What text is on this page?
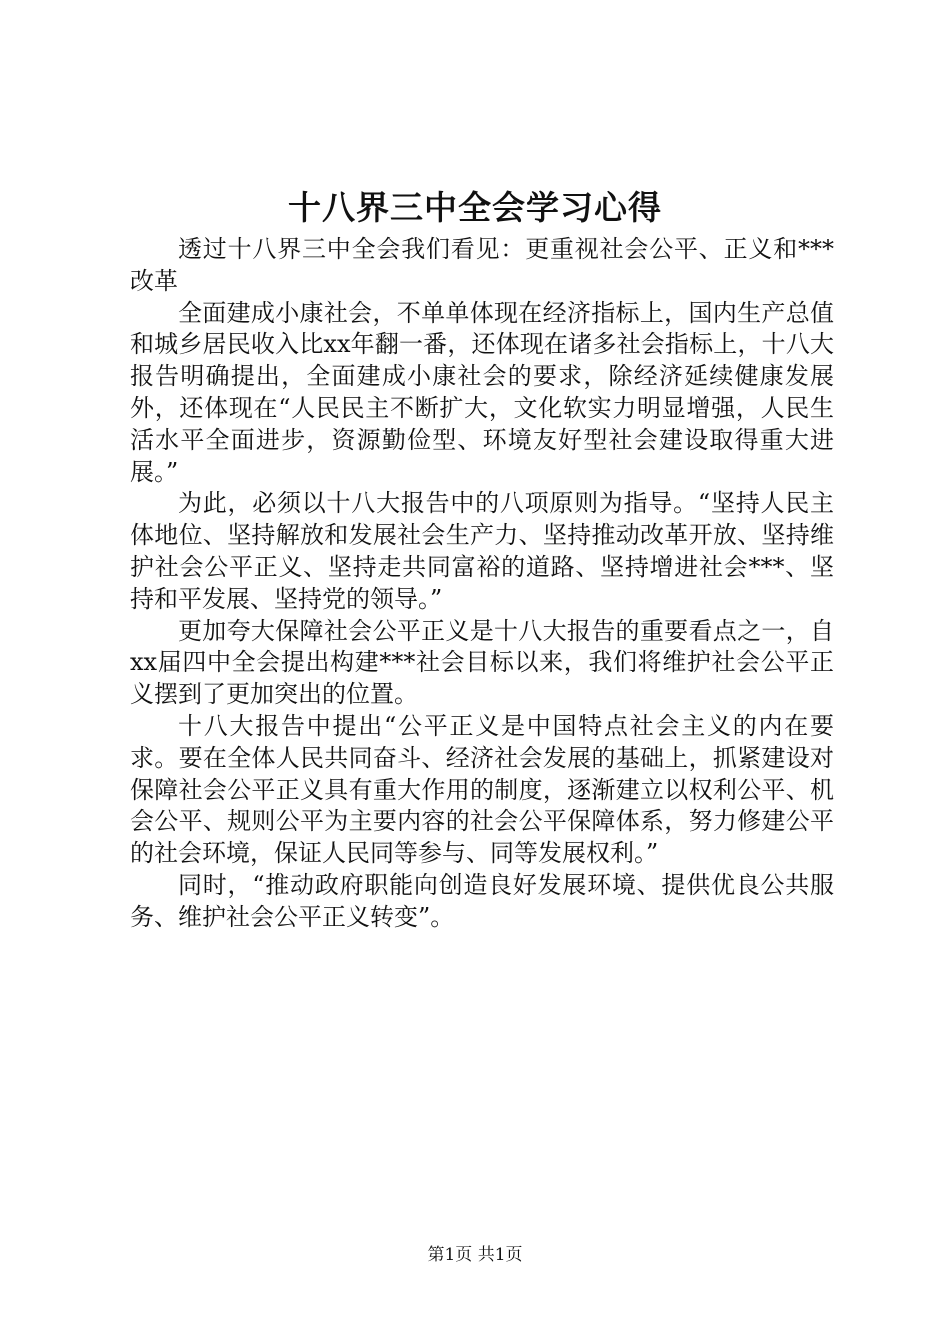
十八界三中全会学习心得

透过十八界三中全会我们看见：更重视社会公平、正义和***改革

全面建成小康社会，不单单体现在经济指标上，国内生产总值和城乡居民收入比xx年翻一番，还体现在诸多社会指标上，十八大报告明确提出，全面建成小康社会的要求，除经济延续健康发展外，还体现在“人民民主不断扩大，文化软实力明显增强，人民生活水平全面进步，资源勤俭型、环境友好型社会建设取得重大进展。”

为此，必须以十八大报告中的八项原则为指导。“坚持人民主体地位、坚持解放和发展社会生产力、坚持推动改革开放、坚持维护社会公平正义、坚持走共同富裕的道路、坚持增进社会***、坚持和平发展、坚持党的领导。”

更加夸大保障社会公平正义是十八大报告的重要看点之一，自xx届四中全会提出构建***社会目标以来，我们将维护社会公平正义摆到了更加突出的位置。

十八大报告中提出“公平正义是中国特点社会主义的内在要求。要在全体人民共同奋斗、经济社会发展的基础上，抓紧建设对保障社会公平正义具有重大作用的制度，逐渐建立以权利公平、机会公平、规则公平为主要内容的社会公平保障体系，努力修建公平的社会环境，保证人民同等参与、同等发展权利。”

同时，“推动政府职能向创造良好发展环境、提供优良公共服务、维护社会公平正义转变”。

第1页 共1页
